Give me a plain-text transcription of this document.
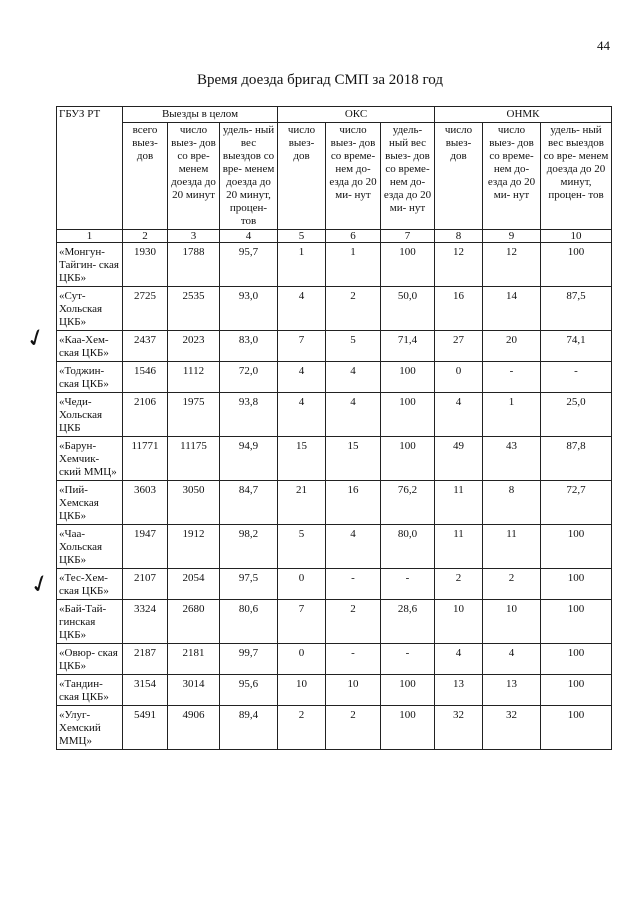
44
Время доезда бригад СМП за 2018 год
✓
✓
ГБУЗ РТ	Выезды в целом			ОКС			ОНМК		
	всего выез- дов	число выез- дов со вре- менем доезда до 20 минут	удель- ный вес выездов со вре- менем доезда до 20 минут, процен- тов	число выез- дов	число выез- дов со време- нем до- езда до 20 ми- нут	удель- ный вес выез- дов со време- нем до- езда до 20 ми- нут	число выез- дов	число выез- дов со време- нем до- езда до 20 ми- нут	удель- ный вес выездов со вре- менем доезда до 20 минут, процен- тов
1	2	3	4	5	6	7	8	9	10
«Монгун- Тайгин- ская ЦКБ»	1930	1788	95,7	1	1	100	12	12	100
«Сут- Хольская ЦКБ»	2725	2535	93,0	4	2	50,0	16	14	87,5
«Каа-Хем- ская ЦКБ»	2437	2023	83,0	7	5	71,4	27	20	74,1
«Тоджин- ская ЦКБ»	1546	1112	72,0	4	4	100	0	-	-
«Чеди- Хольская ЦКБ	2106	1975	93,8	4	4	100	4	1	25,0
«Барун- Хемчик- ский ММЦ»	11771	11175	94,9	15	15	100	49	43	87,8
«Пий- Хемская ЦКБ»	3603	3050	84,7	21	16	76,2	11	8	72,7
«Чаа- Хольская ЦКБ»	1947	1912	98,2	5	4	80,0	11	11	100
«Тес-Хем- ская ЦКБ»	2107	2054	97,5	0	-	-	2	2	100
«Бай-Тай- гинская ЦКБ»	3324	2680	80,6	7	2	28,6	10	10	100
«Овюр- ская ЦКБ»	2187	2181	99,7	0	-	-	4	4	100
«Тандин- ская ЦКБ»	3154	3014	95,6	10	10	100	13	13	100
«Улуг- Хемский ММЦ»	5491	4906	89,4	2	2	100	32	32	100
